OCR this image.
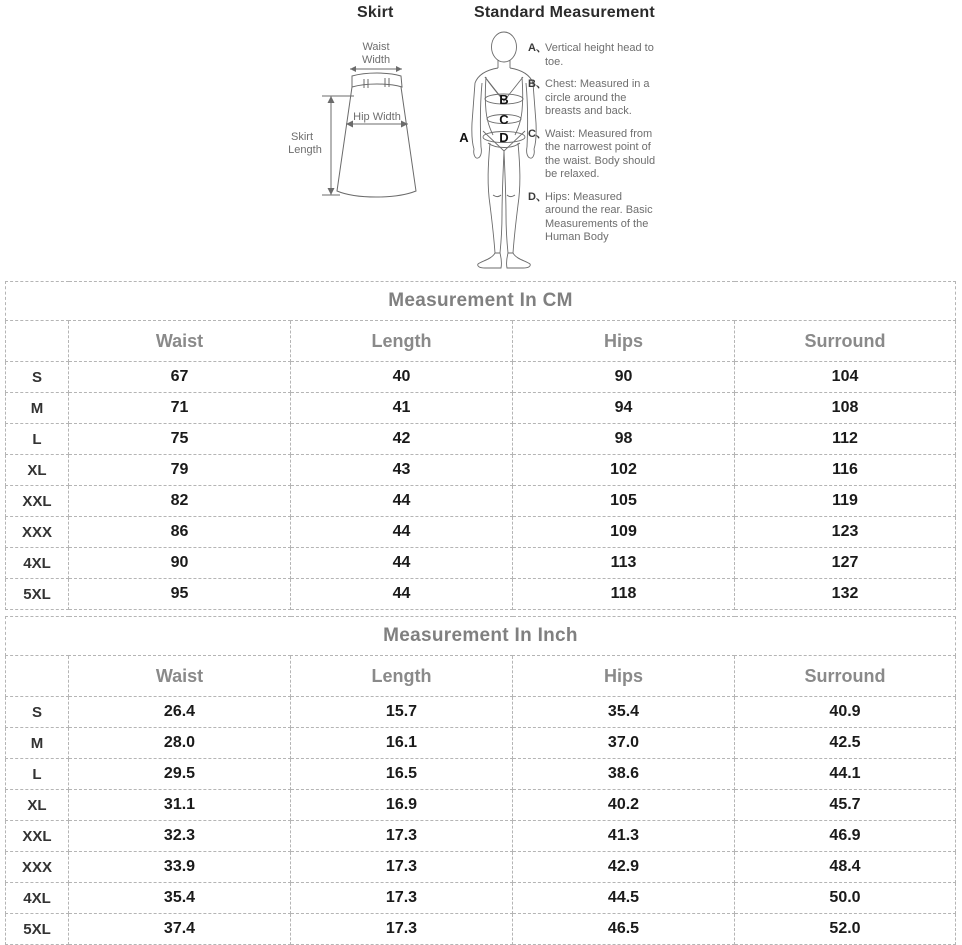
Skirt	Standard Measurement
Waist
Width
Hip Width
Skirt
Length
A
B
C
D
A、
Vertical height head to toe.
B、
Chest: Measured in a circle around the breasts and back.
C、
Waist: Measured from the narrowest point of the waist. Body should be relaxed.
D、
Hips: Measured around the rear. Basic Measurements of the Human Body
Measurement In CM				
	Waist	Length	Hips	Surround
S	67	40	90	104
M	71	41	94	108
L	75	42	98	112
XL	79	43	102	116
XXL	82	44	105	119
XXX	86	44	109	123
4XL	90	44	113	127
5XL	95	44	118	132
Measurement In Inch				
	Waist	Length	Hips	Surround
S	26.4	15.7	35.4	40.9
M	28.0	16.1	37.0	42.5
L	29.5	16.5	38.6	44.1
XL	31.1	16.9	40.2	45.7
XXL	32.3	17.3	41.3	46.9
XXX	33.9	17.3	42.9	48.4
4XL	35.4	17.3	44.5	50.0
5XL	37.4	17.3	46.5	52.0
